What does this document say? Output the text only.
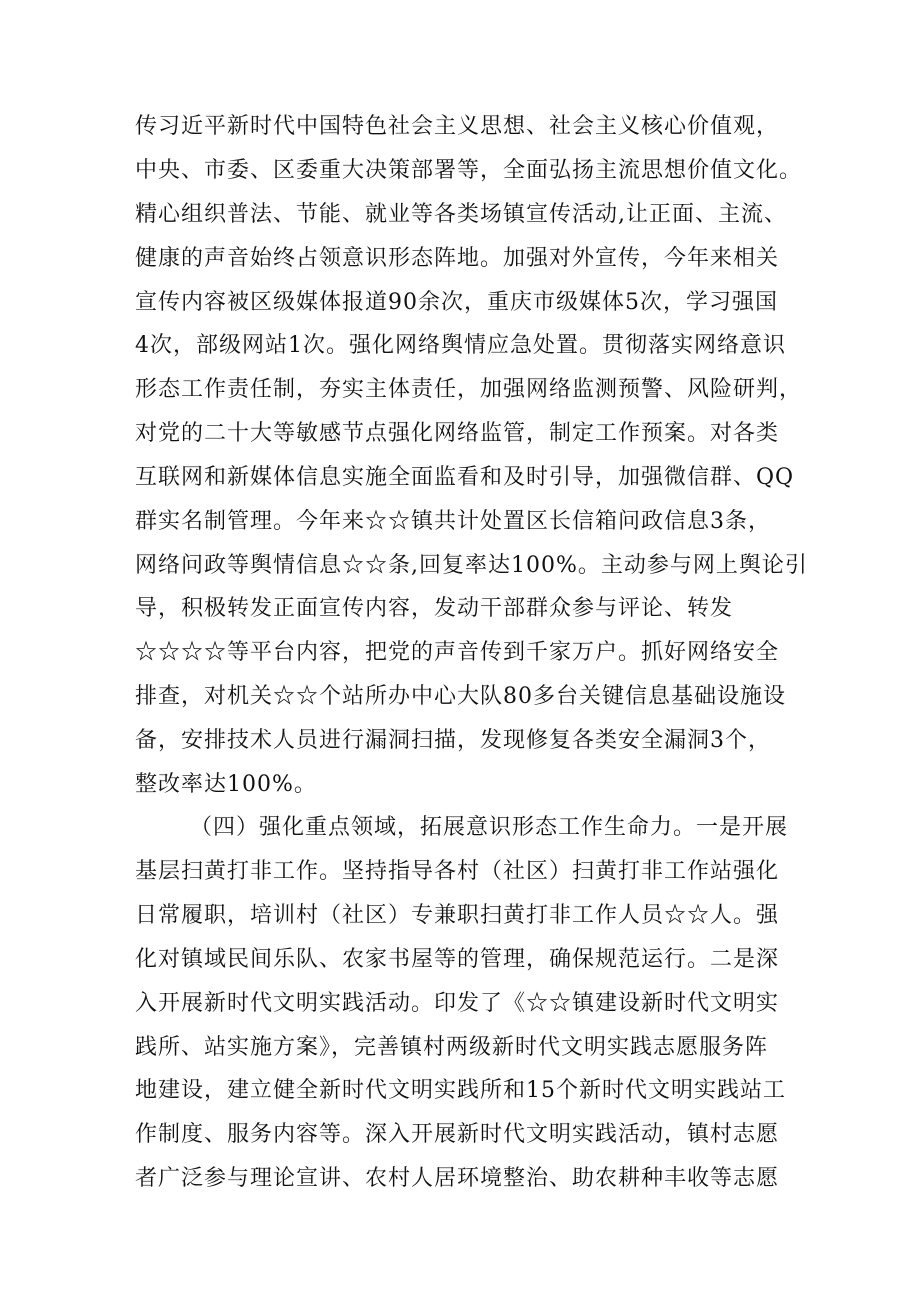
传习近平新时代中国特色社会主义思想、社会主义核心价值观，
中央、市委、区委重大决策部署等，全面弘扬主流思想价值文化。
精心组织普法、节能、就业等各类场镇宣传活动,让正面、主流、
健康的声音始终占领意识形态阵地。加强对外宣传，今年来相关
宣传内容被区级媒体报道90余次，重庆市级媒体5次，学习强国
4次，部级网站1次。强化网络舆情应急处置。贯彻落实网络意识
形态工作责任制，夯实主体责任，加强网络监测预警、风险研判，
对党的二十大等敏感节点强化网络监管，制定工作预案。对各类
互联网和新媒体信息实施全面监看和及时引导，加强微信群、QQ
群实名制管理。今年来☆☆镇共计处置区长信箱问政信息3条，
网络问政等舆情信息☆☆条,回复率达100%。主动参与网上舆论引
导，积极转发正面宣传内容，发动干部群众参与评论、转发
☆☆☆☆等平台内容，把党的声音传到千家万户。抓好网络安全
排查，对机关☆☆个站所办中心大队80多台关键信息基础设施设
备，安排技术人员进行漏洞扫描，发现修复各类安全漏洞3个，
整改率达100%。
（四）强化重点领域，拓展意识形态工作生命力。一是开展
基层扫黄打非工作。坚持指导各村（社区）扫黄打非工作站强化
日常履职，培训村（社区）专兼职扫黄打非工作人员☆☆人。强
化对镇域民间乐队、农家书屋等的管理，确保规范运行。二是深
入开展新时代文明实践活动。印发了《☆☆镇建设新时代文明实
践所、站实施方案》，完善镇村两级新时代文明实践志愿服务阵
地建设，建立健全新时代文明实践所和15个新时代文明实践站工
作制度、服务内容等。深入开展新时代文明实践活动，镇村志愿
者广泛参与理论宣讲、农村人居环境整治、助农耕种丰收等志愿
